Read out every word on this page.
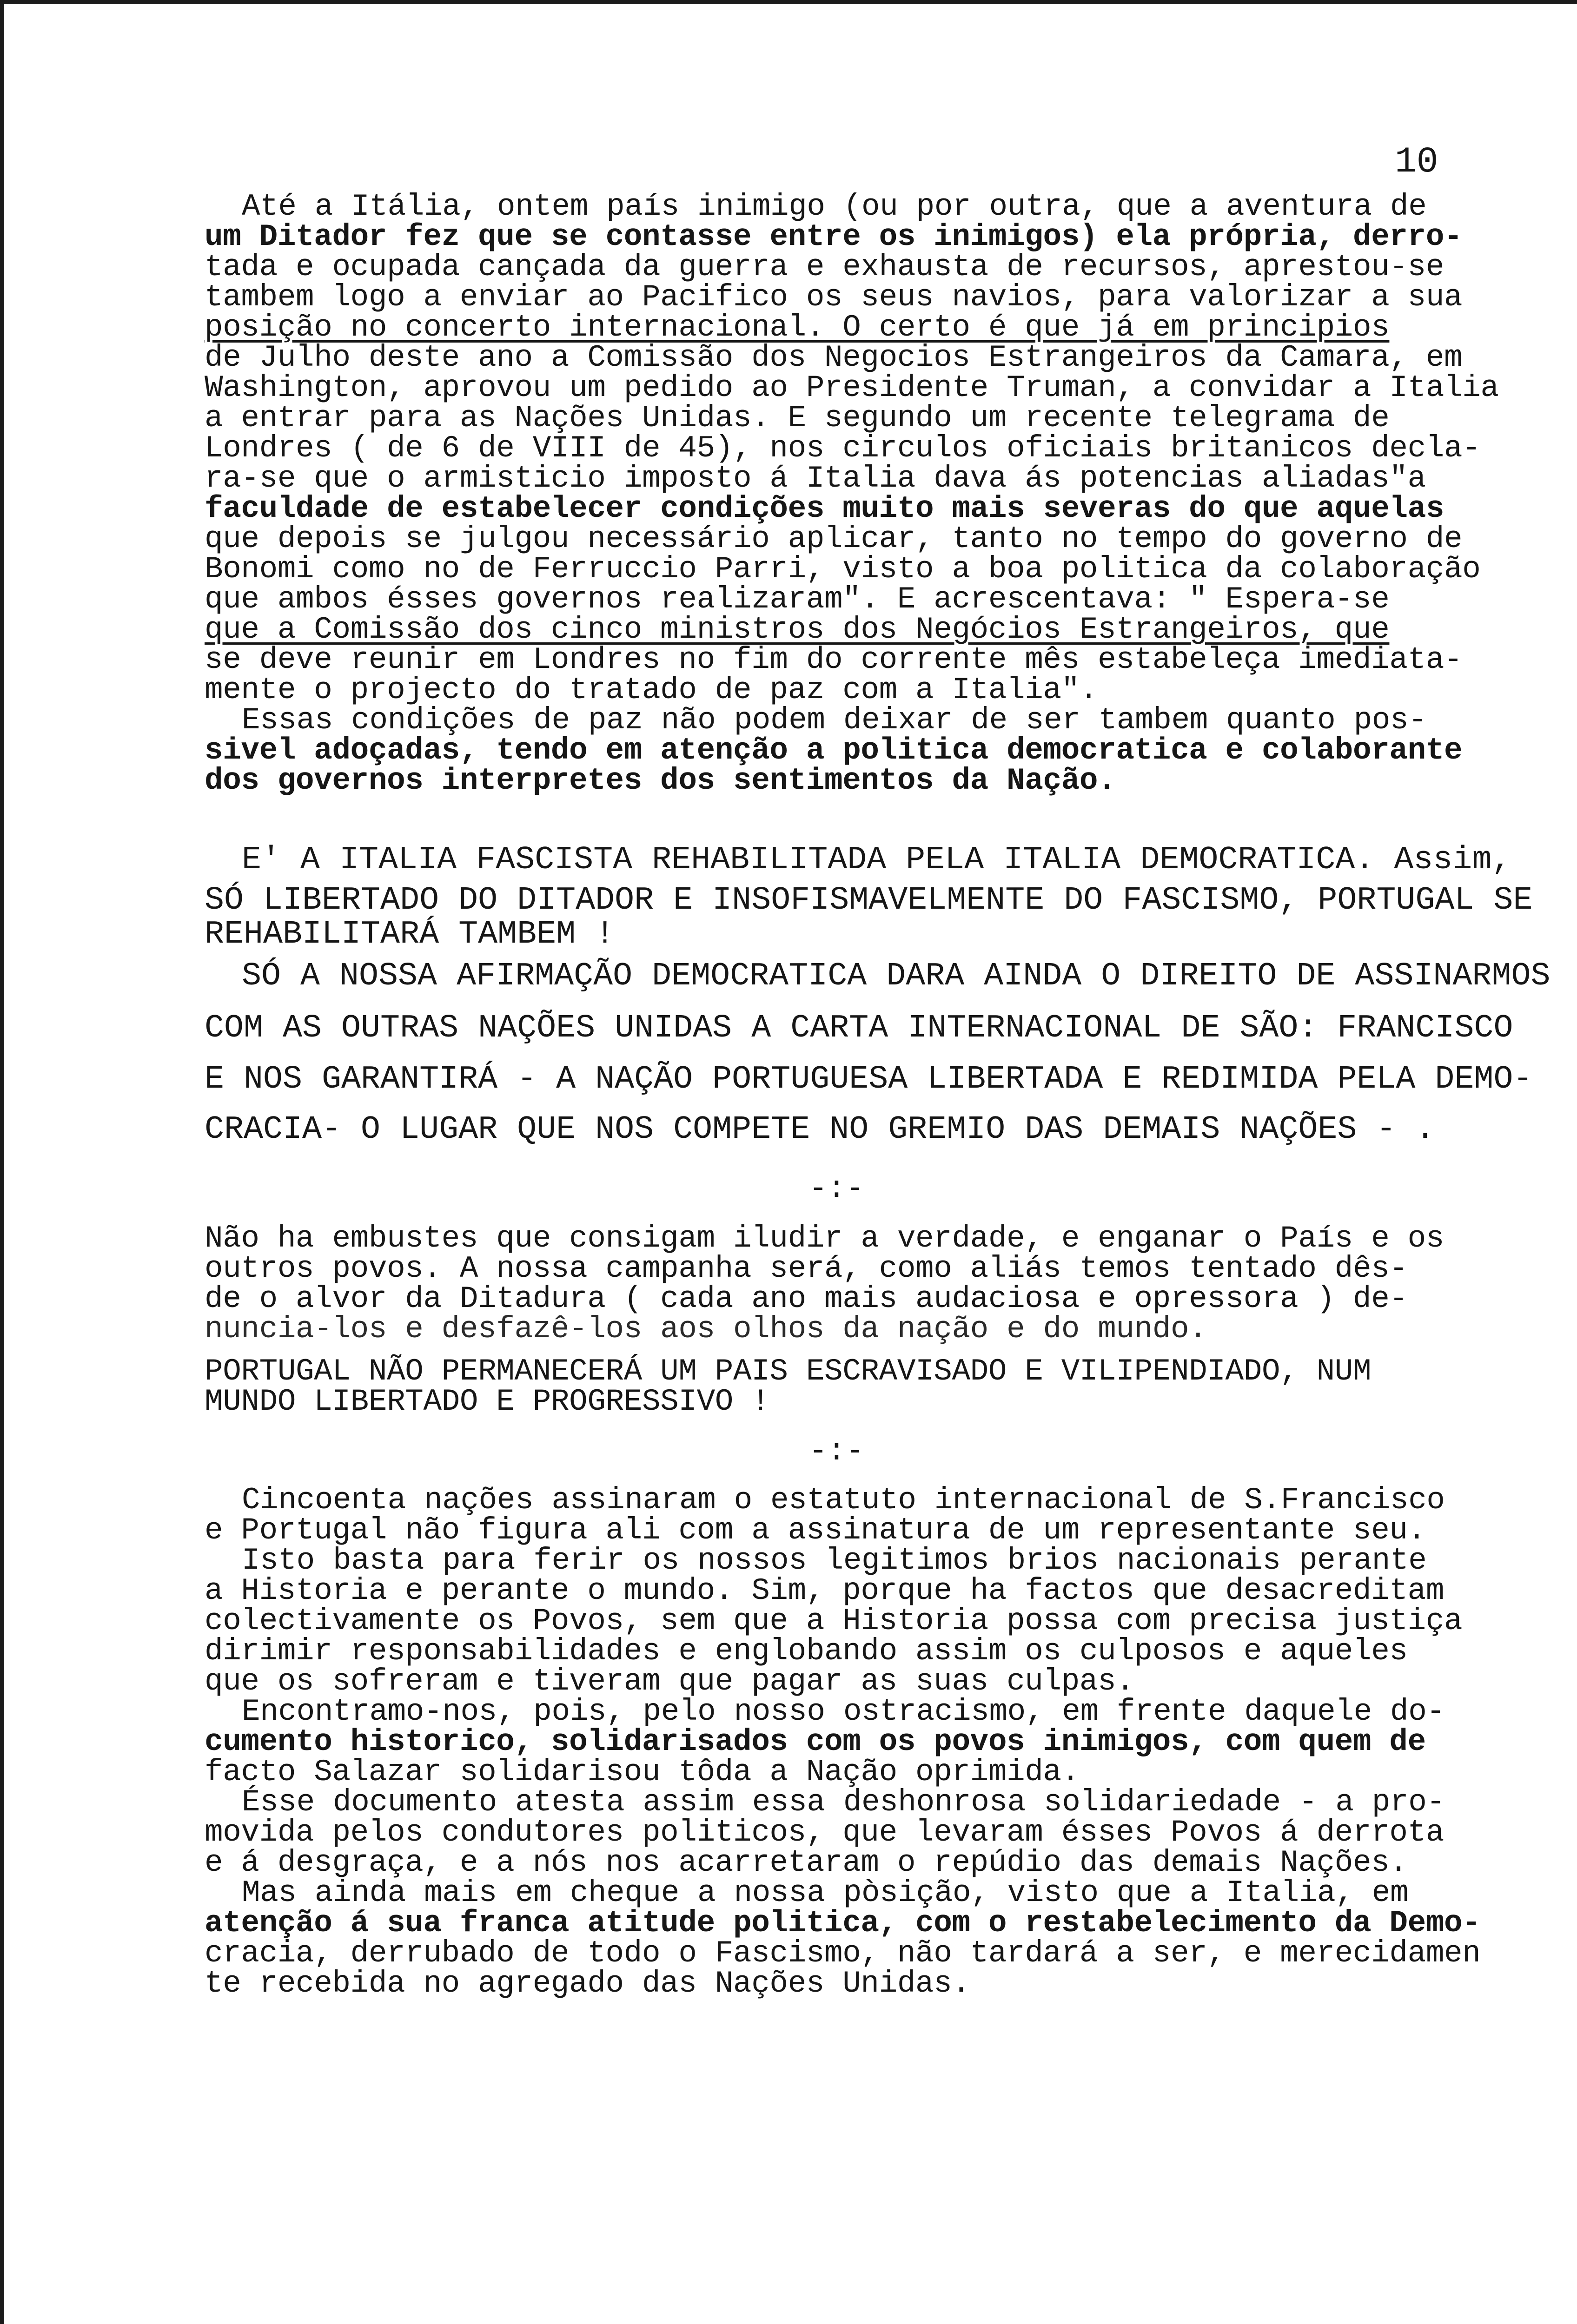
10
Até a Itália, ontem país inimigo (ou por outra, que a aventura de
um Ditador fez que se contasse entre os inimigos) ela própria, derro-
tada e ocupada cançada da guerra e exhausta de recursos, aprestou-se
tambem logo a enviar ao Pacifico os seus navios, para valorizar a sua
posição no concerto internacional. O certo é que já em principios
de Julho deste ano a Comissão dos Negocios Estrangeiros da Camara, em
Washington, aprovou um pedido ao Presidente Truman, a convidar a Italia
a entrar para as Nações Unidas. E segundo um recente telegrama de
Londres ( de 6 de VIII de 45), nos circulos oficiais britanicos decla-
ra-se que o armisticio imposto á Italia dava ás potencias aliadas"a
faculdade de estabelecer condições muito mais severas do que aquelas
que depois se julgou necessário aplicar, tanto no tempo do governo de
Bonomi como no de Ferruccio Parri, visto a boa politica da colaboração
que ambos ésses governos realizaram". E acrescentava: " Espera-se
que a Comissão dos cinco ministros dos Negócios Estrangeiros, que
se deve reunir em Londres no fim do corrente mês estabeleça imediata-
mente o projecto do tratado de paz com a Italia".
Essas condições de paz não podem deixar de ser tambem quanto pos-
sivel adoçadas, tendo em atenção a politica democratica e colaborante
dos governos interpretes dos sentimentos da Nação.
E' A ITALIA FASCISTA REHABILITADA PELA ITALIA DEMOCRATICA. Assim,
SÓ LIBERTADO DO DITADOR E INSOFISMAVELMENTE DO FASCISMO, PORTUGAL SE
REHABILITARÁ TAMBEM !
SÓ A NOSSA AFIRMAÇÃO DEMOCRATICA DARA AINDA O DIREITO DE ASSINARMOS
COM AS OUTRAS NAÇÕES UNIDAS A CARTA INTERNACIONAL DE SÃO: FRANCISCO
E NOS GARANTIRÁ - A NAÇÃO PORTUGUESA LIBERTADA E REDIMIDA PELA DEMO-
CRACIA- O LUGAR QUE NOS COMPETE NO GREMIO DAS DEMAIS NAÇÕES - .
-:-
Não ha embustes que consigam iludir a verdade, e enganar o País e os
outros povos. A nossa campanha será, como aliás temos tentado dês-
de o alvor da Ditadura ( cada ano mais audaciosa e opressora ) de-
nuncia-los e desfazê-los aos olhos da nação e do mundo.
PORTUGAL NÃO PERMANECERÁ UM PAIS ESCRAVISADO E VILIPENDIADO, NUM
MUNDO LIBERTADO E PROGRESSIVO !
-:-
Cincoenta nações assinaram o estatuto internacional de S.Francisco
e Portugal não figura ali com a assinatura de um representante seu.
Isto basta para ferir os nossos legitimos brios nacionais perante
a Historia e perante o mundo. Sim, porque ha factos que desacreditam
colectivamente os Povos, sem que a Historia possa com precisa justiça
dirimir responsabilidades e englobando assim os culposos e aqueles
que os sofreram e tiveram que pagar as suas culpas.
Encontramo-nos, pois, pelo nosso ostracismo, em frente daquele do-
cumento historico, solidarisados com os povos inimigos, com quem de
facto Salazar solidarisou tôda a Nação oprimida.
Ésse documento atesta assim essa deshonrosa solidariedade - a pro-
movida pelos condutores politicos, que levaram ésses Povos á derrota
e á desgraça, e a nós nos acarretaram o repúdio das demais Nações.
Mas ainda mais em cheque a nossa pòsição, visto que a Italia, em
atenção á sua franca atitude politica, com o restabelecimento da Demo-
cracia, derrubado de todo o Fascismo, não tardará a ser, e merecidamen
te recebida no agregado das Nações Unidas.
